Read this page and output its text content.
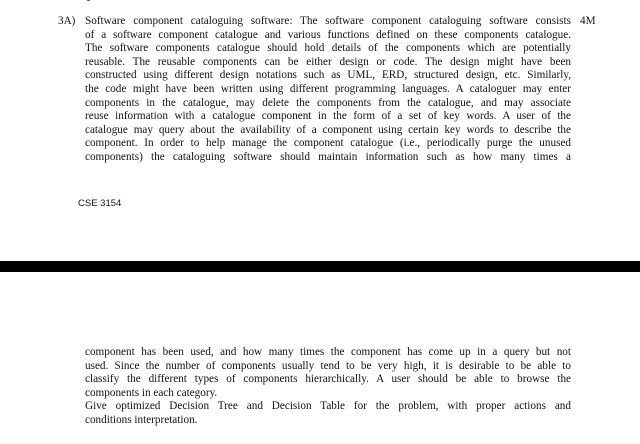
3A) Software component cataloguing software: The software component cataloguing software consists
of a software component catalogue and various functions defined on these components catalogue.
The software components catalogue should hold details of the components which are potentially
reusable. The reusable components can be either design or code. The design might have been
constructed using different design notations such as UML, ERD, structured design, etc. Similarly,
the code might have been written using different programming languages. A cataloguer may enter
components in the catalogue, may delete the components from the catalogue, and may associate
reuse information with a catalogue component in the form of a set of key words. A user of the
catalogue may query about the availability of a component using certain key words to describe the
component. In order to help manage the component catalogue (i.e., periodically purge the unused
components) the cataloguing software should maintain information such as how many times a
4M
CSE 3154
component has been used, and how many times the component has come up in a query but not
used. Since the number of components usually tend to be very high, it is desirable to be able to
classify the different types of components hierarchically. A user should be able to browse the
components in each category.
Give optimized Decision Tree and Decision Table for the problem, with proper actions and
conditions interpretation.
